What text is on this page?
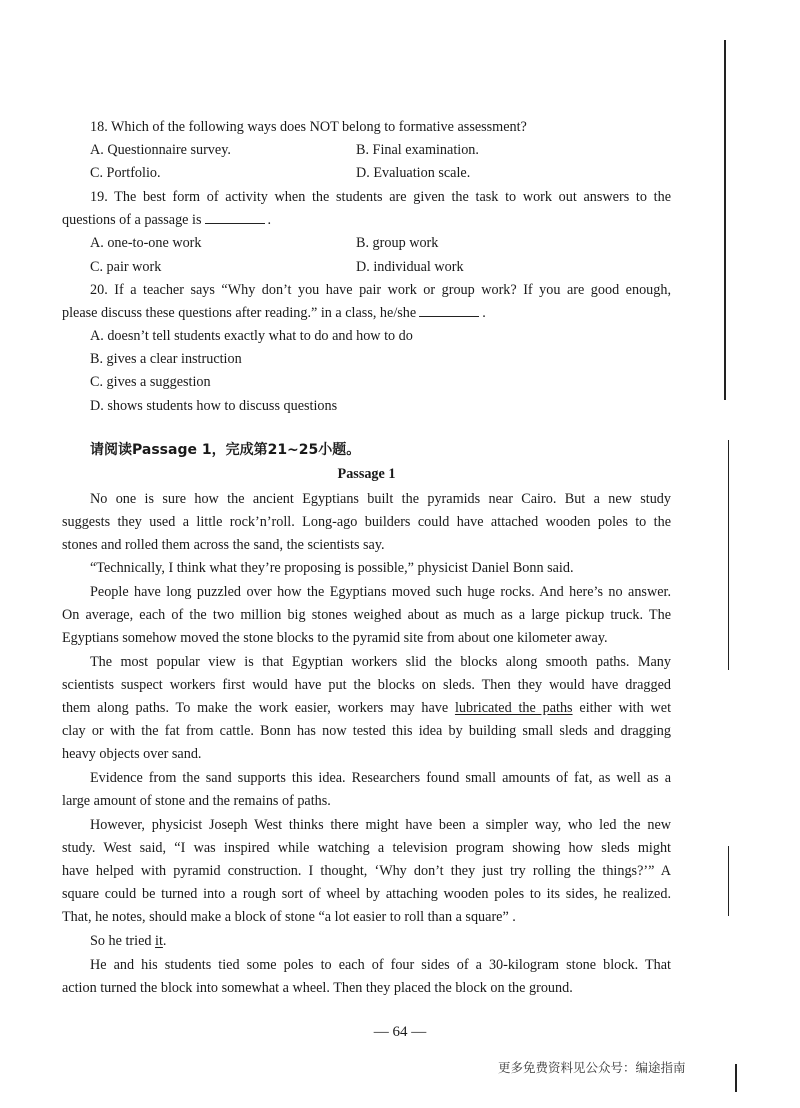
18. Which of the following ways does NOT belong to formative assessment?
A. Questionnaire survey.	B. Final examination.
C. Portfolio.	D. Evaluation scale.
19. The best form of activity when the students are given the task to work out answers to the
questions of a passage is	.
A. one-to-one work	B. group work
C. pair work	D. individual work
20. If a teacher says “Why don’t you have pair work or group work? If you are good enough,
please discuss these questions after reading.” in a class, he/she	.
A. doesn’t tell students exactly what to do and how to do
B. gives a clear instruction
C. gives a suggestion
D. shows students how to discuss questions
请阅读Passage 1，完成第21~25小题。
Passage 1
No one is sure how the ancient Egyptians built the pyramids near Cairo. But a new study
suggests they used a little rock’n’roll. Long-ago builders could have attached wooden poles to the
stones and rolled them across the sand, the scientists say.
“Technically, I think what they’re proposing is possible,” physicist Daniel Bonn said.
People have long puzzled over how the Egyptians moved such huge rocks. And here’s no answer.
On average, each of the two million big stones weighed about as much as a large pickup truck. The
Egyptians somehow moved the stone blocks to the pyramid site from about one kilometer away.
The most popular view is that Egyptian workers slid the blocks along smooth paths. Many
scientists suspect workers first would have put the blocks on sleds. Then they would have dragged
them along paths. To make the work easier, workers may have lubricated the paths either with wet
clay or with the fat from cattle. Bonn has now tested this idea by building small sleds and dragging
heavy objects over sand.
Evidence from the sand supports this idea. Researchers found small amounts of fat, as well as a
large amount of stone and the remains of paths.
However, physicist Joseph West thinks there might have been a simpler way, who led the new
study. West said, “I was inspired while watching a television program showing how sleds might
have helped with pyramid construction. I thought, ‘Why don’t they just try rolling the things?’” A
square could be turned into a rough sort of wheel by attaching wooden poles to its sides, he realized.
That, he notes, should make a block of stone “a lot easier to roll than a square” .
So he tried it.
He and his students tied some poles to each of four sides of a 30-kilogram stone block. That
action turned the block into somewhat a wheel. Then they placed the block on the ground.
— 64 —
更多免费资料见公众号：编途指南
